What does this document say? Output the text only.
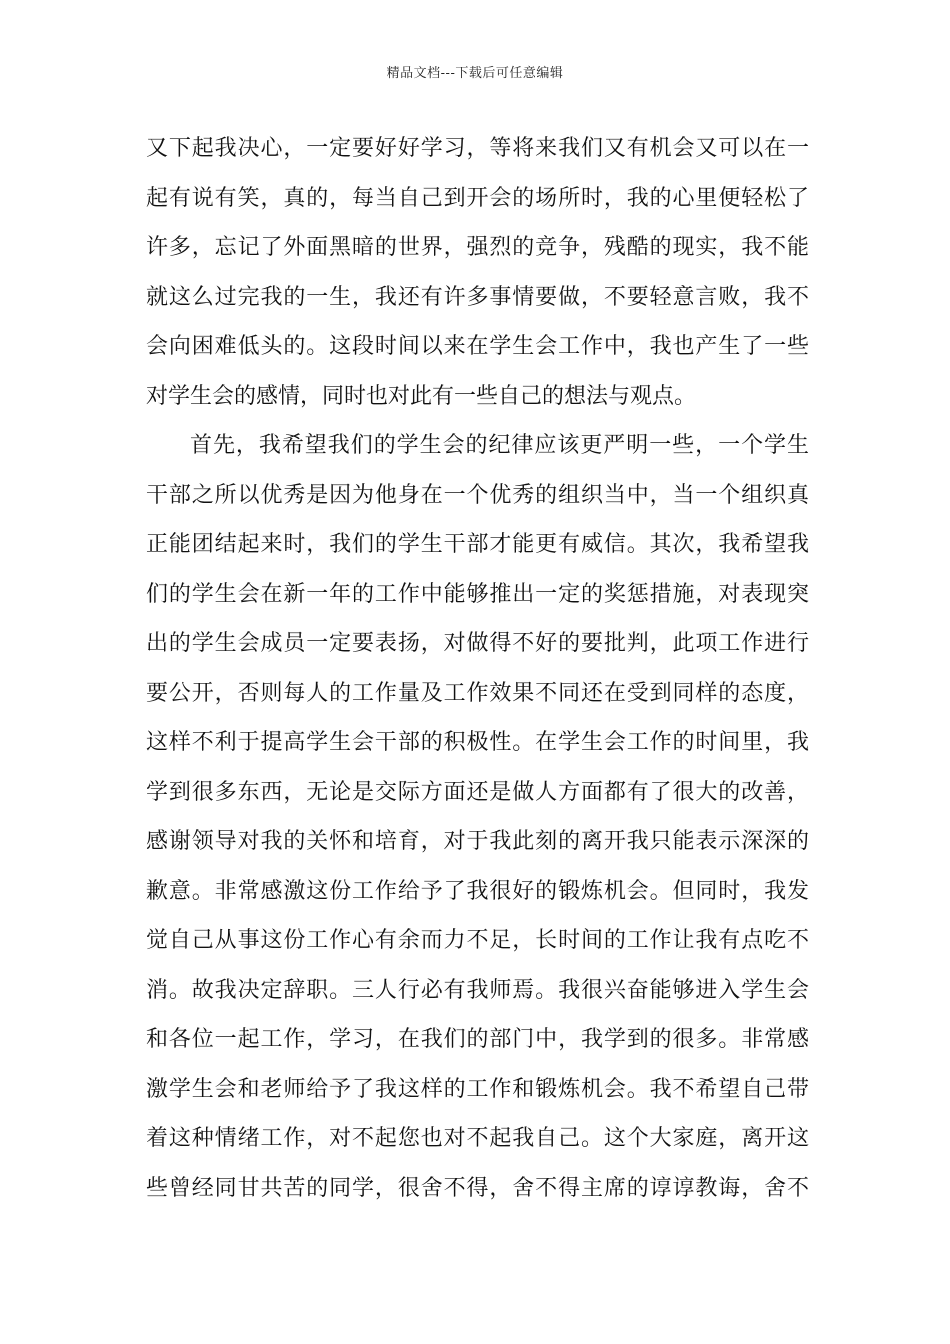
精品文档---下载后可任意编辑
又下起我决心，一定要好好学习，等将来我们又有机会又可以在一
起有说有笑，真的，每当自己到开会的场所时，我的心里便轻松了
许多，忘记了外面黑暗的世界，强烈的竞争，残酷的现实，我不能
就这么过完我的一生，我还有许多事情要做，不要轻意言败，我不
会向困难低头的。这段时间以来在学生会工作中，我也产生了一些
对学生会的感情，同时也对此有一些自己的想法与观点。
首先，我希望我们的学生会的纪律应该更严明一些，一个学生
干部之所以优秀是因为他身在一个优秀的组织当中，当一个组织真
正能团结起来时，我们的学生干部才能更有威信。其次，我希望我
们的学生会在新一年的工作中能够推出一定的奖惩措施，对表现突
出的学生会成员一定要表扬，对做得不好的要批判，此项工作进行
要公开，否则每人的工作量及工作效果不同还在受到同样的态度，
这样不利于提高学生会干部的积极性。在学生会工作的时间里，我
学到很多东西，无论是交际方面还是做人方面都有了很大的改善，
感谢领导对我的关怀和培育，对于我此刻的离开我只能表示深深的
歉意。非常感激这份工作给予了我很好的锻炼机会。但同时，我发
觉自己从事这份工作心有余而力不足，长时间的工作让我有点吃不
消。故我决定辞职。三人行必有我师焉。我很兴奋能够进入学生会
和各位一起工作，学习，在我们的部门中，我学到的很多。非常感
激学生会和老师给予了我这样的工作和锻炼机会。我不希望自己带
着这种情绪工作，对不起您也对不起我自己。这个大家庭，离开这
些曾经同甘共苦的同学，很舍不得，舍不得主席的谆谆教诲，舍不
